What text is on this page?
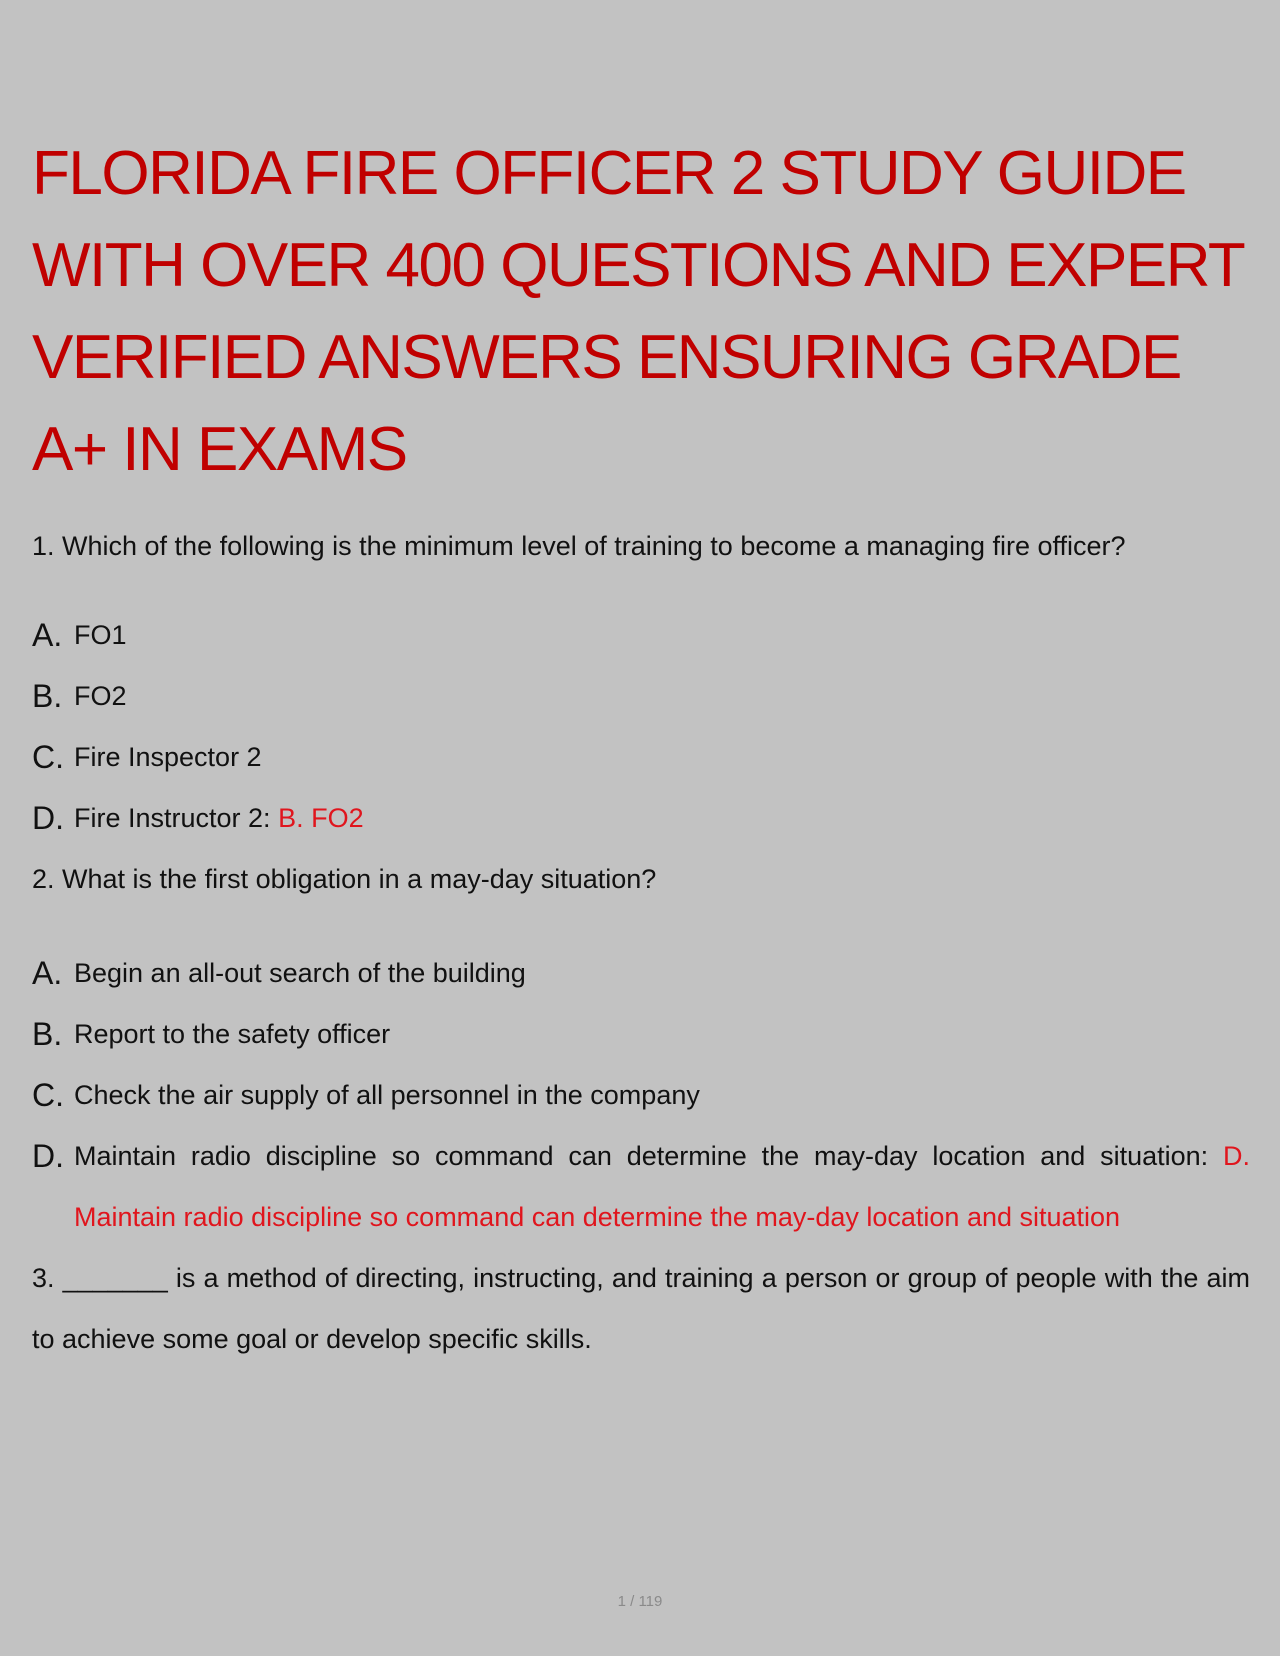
FLORIDA FIRE OFFICER 2 STUDY GUIDE WITH OVER 400 QUESTIONS AND EXPERT VERIFIED ANSWERS ENSURING GRADE A+ IN EXAMS

1. Which of the following is the minimum level of training to become a managing fire officer?

A. FO1
B. FO2
C. Fire Inspector 2
D. Fire Instructor 2: B. FO2

2. What is the first obligation in a may-day situation?

A. Begin an all-out search of the building
B. Report to the safety officer
C. Check the air supply of all personnel in the company
D. Maintain radio discipline so command can determine the may-day location and situation: D. Maintain radio discipline so command can determine the may-day location and situation

3. _______ is a method of directing, instructing, and training a person or group of people with the aim to achieve some goal or develop specific skills.

1 / 119
